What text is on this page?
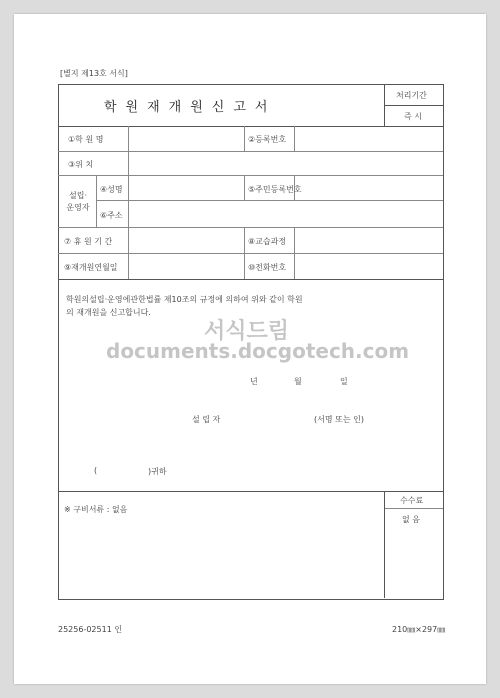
[별지 제13호 서식]
학원재개원신고서
처리기간
즉 시
①학 원 명	②등록번호
③위 치
설립·
운영자
④성명	⑤주민등록번호
⑥주소
⑦ 휴 원 기 간	⑧교습과정
⑨재개원연월일	⑩전화번호
학원의설립·운영에관한법률 제10조의 규정에 의하여 위와 같이 학원
의 재개원을 신고합니다.
서식드림
documents.docgotech.com
년	월	일
설 립 자	(서명 또는 인)
(	)귀하
※ 구비서류 : 없음
수수료
없 음
25256-02511 인	210㎜×297㎜
